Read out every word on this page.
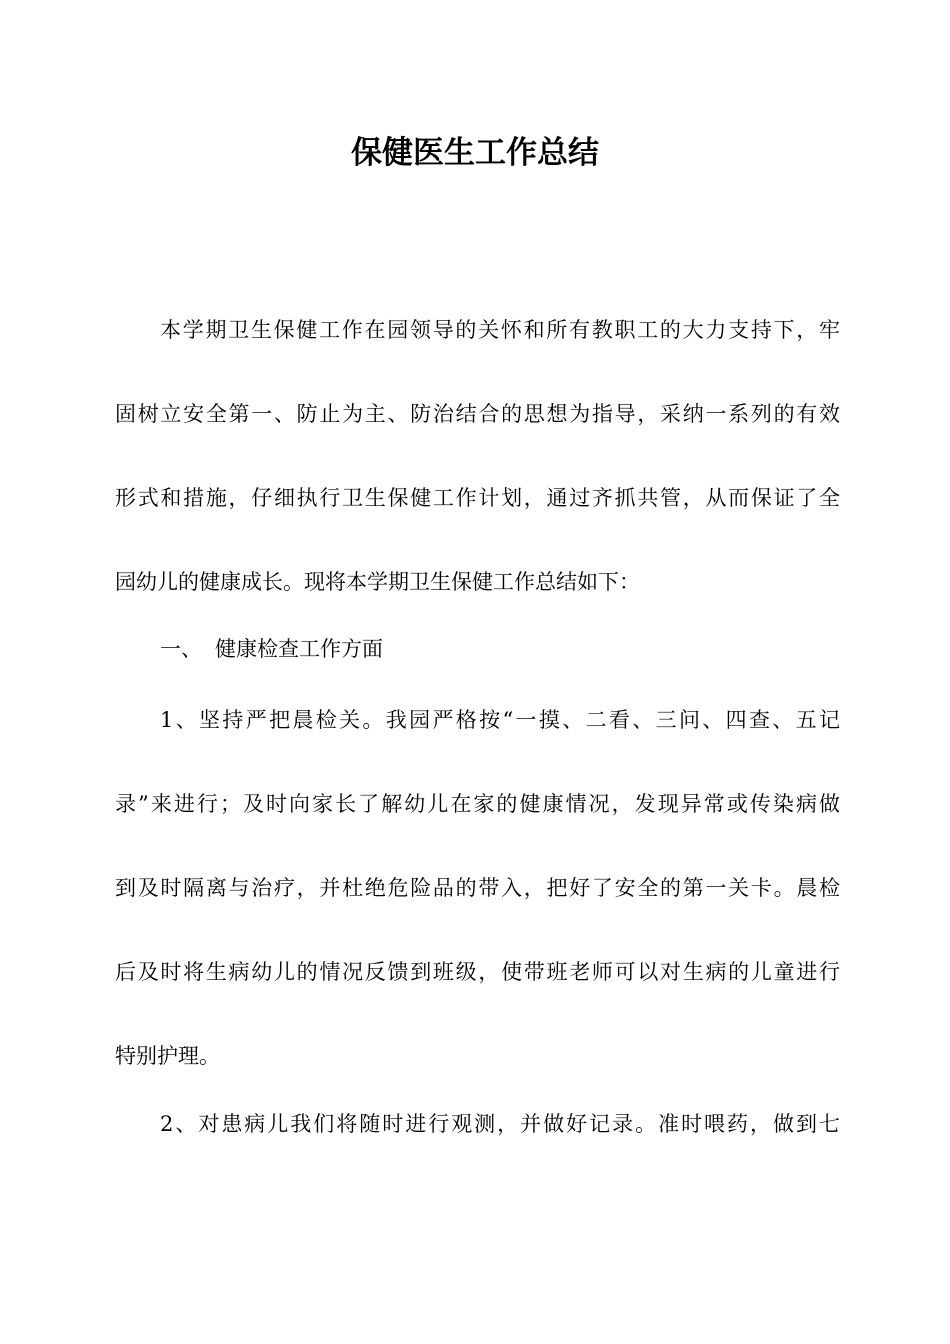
保健医生工作总结
本学期卫生保健工作在园领导的关怀和所有教职工的大力支持下，牢
固树立安全第一、防止为主、防治结合的思想为指导，采纳一系列的有效
形式和措施，仔细执行卫生保健工作计划，通过齐抓共管，从而保证了全
园幼儿的健康成长。现将本学期卫生保健工作总结如下：
一、 健康检查工作方面
1、坚持严把晨检关。我园严格按“一摸、二看、三问、四查、五记
录”来进行；及时向家长了解幼儿在家的健康情况，发现异常或传染病做
到及时隔离与治疗，并杜绝危险品的带入，把好了安全的第一关卡。晨检
后及时将生病幼儿的情况反馈到班级，使带班老师可以对生病的儿童进行
特别护理。
2、对患病儿我们将随时进行观测，并做好记录。准时喂药，做到七
